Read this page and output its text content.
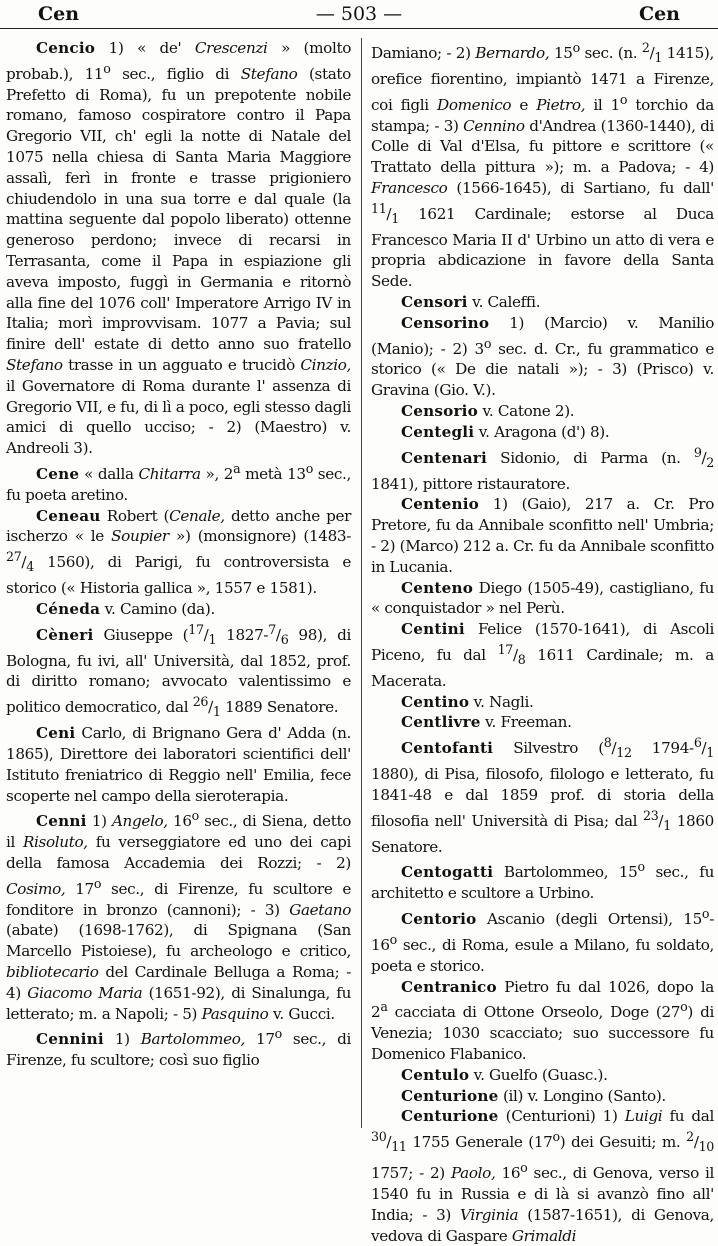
Cen	— 503 —	Cen

Cencio 1) « de' Crescenzi » (molto probab.), 11$^o$ sec., figlio di Stefano (stato Prefetto di Roma), fu un prepotente nobile romano, famoso cospiratore contro il Papa Gregorio VII, ch' egli la notte di Natale del 1075 nella chiesa di Santa Maria Maggiore assalì, ferì in fronte e trasse prigioniero chiudendolo in una sua torre e dal quale (la mattina seguente dal popolo liberato) ottenne generoso perdono; invece di recarsi in Terrasanta, come il Papa in espiazione gli aveva imposto, fuggì in Germania e ritornò alla fine del 1076 coll' Imperatore Arrigo IV in Italia; morì improvvisam. 1077 a Pavia; sul finire dell' estate di detto anno suo fratello Stefano trasse in un agguato e trucidò Cinzio, il Governatore di Roma durante l' assenza di Gregorio VII, e fu, di lì a poco, egli stesso dagli amici di quello ucciso; - 2) (Maestro) v. Andreoli 3).

Cene « dalla Chitarra », 2$^a$ metà 13$^o$ sec., fu poeta aretino.

Ceneau Robert (Cenale, detto anche per ischerzo « le Soupier ») (monsignore) ($1483-^{27}/_4$ 1560), di Parigi, fu controversista e storico (« Historia gallica », 1557 e 1581).

Céneda v. Camino (da).

Cèneri Giuseppe ($^{17}/_1$ $1827-^7/_6$ 98), di Bologna, fu ivi, all' Università, dal 1852, prof. di diritto romano; avvocato valentissimo e politico democratico, dal $^{26}/_1$ 1889 Senatore.

Ceni Carlo, di Brignano Gera d' Adda (n. 1865), Direttore dei laboratori scientifici dell' Istituto freniatrico di Reggio nell' Emilia, fece scoperte nel campo della sieroterapia.

Cenni 1) Angelo, 16$^o$ sec., di Siena, detto il Risoluto, fu verseggiatore ed uno dei capi della famosa Accademia dei Rozzi; - 2) Cosimo, 17$^o$ sec., di Firenze, fu scultore e fonditore in bronzo (cannoni); - 3) Gaetano (abate) (1698-1762), di Spignana (San Marcello Pistoiese), fu archeologo e critico, bibliotecario del Cardinale Belluga a Roma; - 4) Giacomo Maria (1651-92), di Sinalunga, fu letterato; m. a Napoli; - 5) Pasquino v. Gucci.

Cennini 1) Bartolommeo, 17$^o$ sec., di Firenze, fu scultore; così suo figlio

Damiano; - 2) Bernardo, 15$^o$ sec. (n. $^2/_1$ 1415), orefice fiorentino, impiantò 1471 a Firenze, coi figli Domenico e Pietro, il 1$^o$ torchio da stampa; - 3) Cennino d'Andrea (1360-1440), di Colle di Val d'Elsa, fu pittore e scrittore (« Trattato della pittura »); m. a Padova; - 4) Francesco (1566-1645), di Sartiano, fu dall' $^{11}/_1$ 1621 Cardinale; estorse al Duca Francesco Maria II d' Urbino un atto di vera e propria abdicazione in favore della Santa Sede.

Censori v. Caleffi.

Censorino 1) (Marcio) v. Manilio (Manio); - 2) 3$^o$ sec. d. Cr., fu grammatico e storico (« De die natali »); - 3) (Prisco) v. Gravina (Gio. V.).

Censorio v. Catone 2).

Centegli v. Aragona (d') 8).

Centenari Sidonio, di Parma (n. $^9/_2$ 1841), pittore ristauratore.

Centenio 1) (Gaio), 217 a. Cr. Pro Pretore, fu da Annibale sconfitto nell' Umbria; - 2) (Marco) 212 a. Cr. fu da Annibale sconfitto in Lucania.

Centeno Diego (1505-49), castigliano, fu « conquistador » nel Perù.

Centini Felice (1570-1641), di Ascoli Piceno, fu dal $^{17}/_8$ 1611 Cardinale; m. a Macerata.

Centino v. Nagli.

Centlivre v. Freeman.

Centofanti Silvestro ($^8/_{12}$ $1794-^6/_1$ 1880), di Pisa, filosofo, filologo e letterato, fu 1841-48 e dal 1859 prof. di storia della filosofia nell' Università di Pisa; dal $^{23}/_1$ 1860 Senatore.

Centogatti Bartolommeo, 15$^o$ sec., fu architetto e scultore a Urbino.

Centorio Ascanio (degli Ortensi), 15$^o$-16$^o$ sec., di Roma, esule a Milano, fu soldato, poeta e storico.

Centranico Pietro fu dal 1026, dopo la 2$^a$ cacciata di Ottone Orseolo, Doge (27$^o$) di Venezia; 1030 scacciato; suo successore fu Domenico Flabanico.

Centulo v. Guelfo (Guasc.).

Centurione (il) v. Longino (Santo).

Centurione (Centurioni) 1) Luigi fu dal $^{30}/_{11}$ 1755 Generale (17$^o$) dei Gesuiti; m. $^2/_{10}$ 1757; - 2) Paolo, 16$^o$ sec., di Genova, verso il 1540 fu in Russia e di là si avanzò fino all' India; - 3) Virginia (1587-1651), di Genova, vedova di Gaspare Grimaldi
